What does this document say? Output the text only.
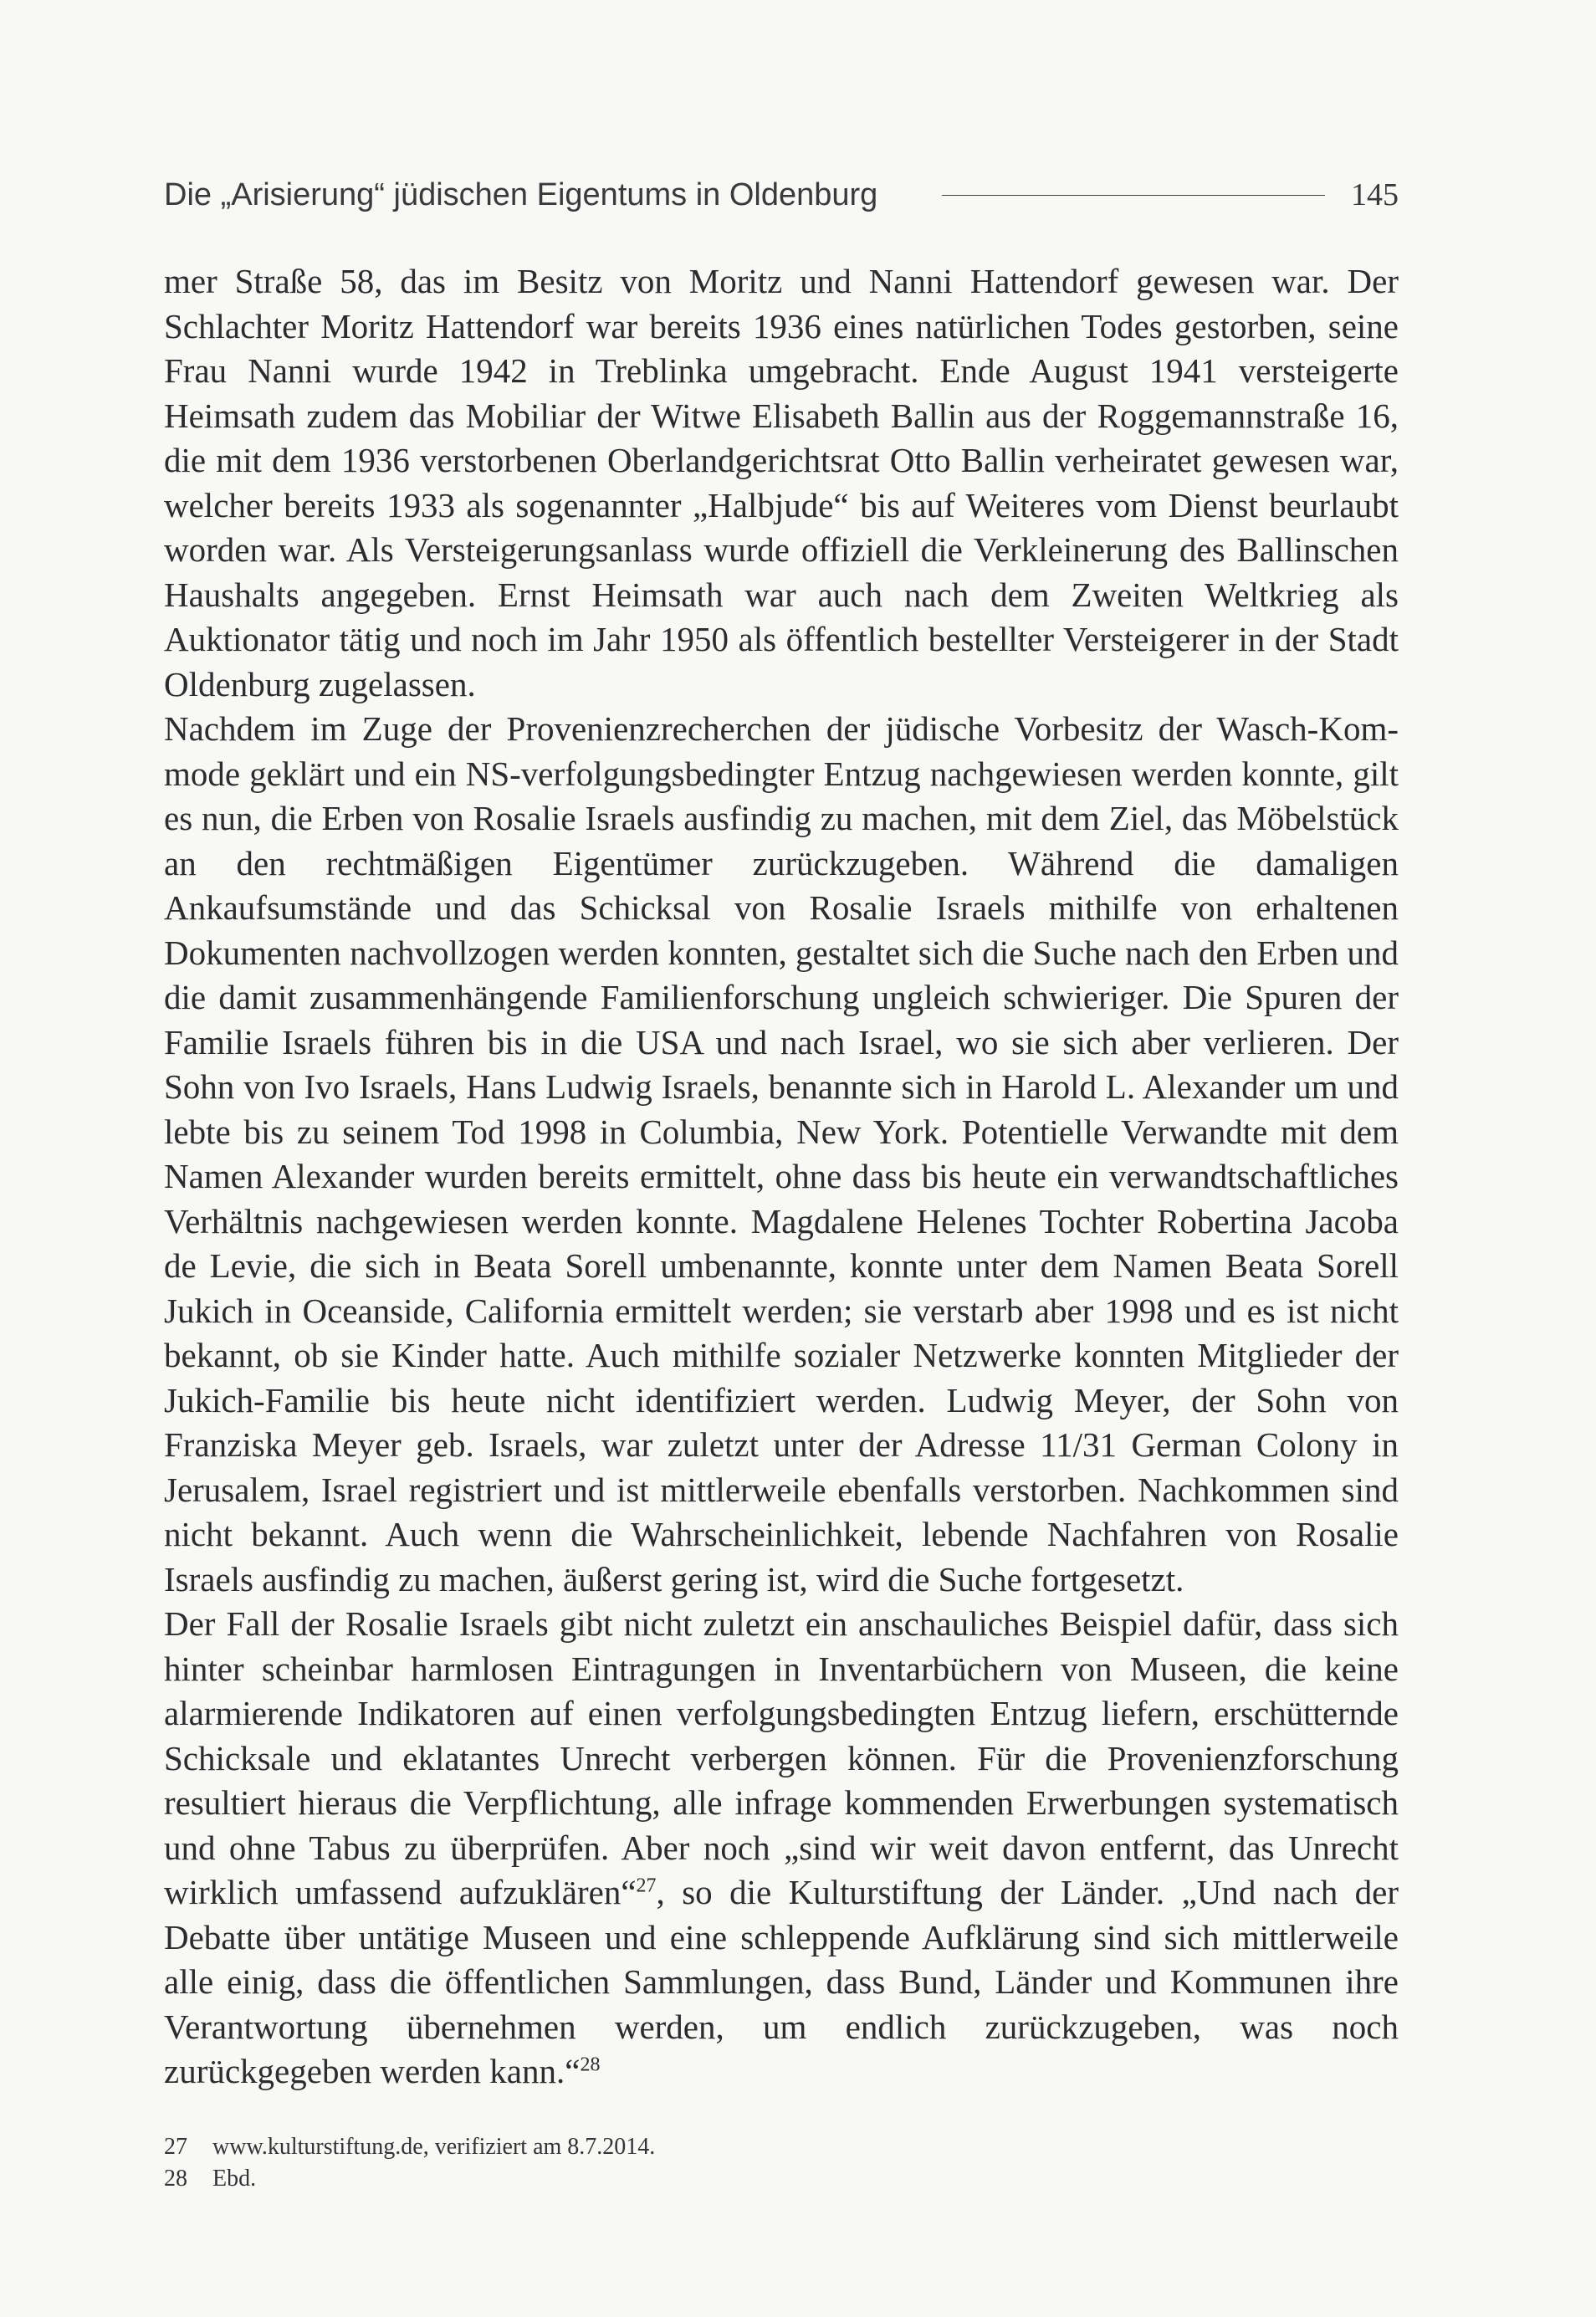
Die „Arisierung“ jüdischen Eigentums in Oldenburg	145

mer Straße 58, das im Besitz von Moritz und Nanni Hattendorf gewesen war. Der Schlachter Moritz Hattendorf war bereits 1936 eines natürlichen Todes gestorben, seine Frau Nanni wurde 1942 in Treblinka umgebracht. Ende August 1941 versteigerte Heimsath zudem das Mobiliar der Witwe Elisabeth Ballin aus der Roggemannstraße 16, die mit dem 1936 verstorbenen Oberlandgerichtsrat Otto Ballin verheiratet gewesen war, welcher bereits 1933 als sogenannter „Halbjude“ bis auf Weiteres vom Dienst beurlaubt worden war. Als Versteigerungsanlass wurde offiziell die Verkleinerung des Ballinschen Haushalts angegeben. Ernst Heimsath war auch nach dem Zweiten Weltkrieg als Auktionator tätig und noch im Jahr 1950 als öffentlich bestellter Versteigerer in der Stadt Oldenburg zugelassen.

Nachdem im Zuge der Provenienzrecherchen der jüdische Vorbesitz der Wasch-Kommode geklärt und ein NS-verfolgungsbedingter Entzug nachgewiesen werden konnte, gilt es nun, die Erben von Rosalie Israels ausfindig zu machen, mit dem Ziel, das Möbelstück an den rechtmäßigen Eigentümer zurückzugeben. Während die damaligen Ankaufsumstände und das Schicksal von Rosalie Israels mithilfe von erhaltenen Dokumenten nachvollzogen werden konnten, gestaltet sich die Suche nach den Erben und die damit zusammenhängende Familienforschung ungleich schwieriger. Die Spuren der Familie Israels führen bis in die USA und nach Israel, wo sie sich aber verlieren. Der Sohn von Ivo Israels, Hans Ludwig Israels, benannte sich in Harold L. Alexander um und lebte bis zu seinem Tod 1998 in Columbia, New York. Potentielle Verwandte mit dem Namen Alexander wurden bereits ermittelt, ohne dass bis heute ein verwandtschaftliches Verhältnis nachgewiesen werden konnte. Magdalene Helenes Tochter Robertina Jacoba de Levie, die sich in Beata Sorell umbenannte, konnte unter dem Namen Beata Sorell Jukich in Oceanside, California ermittelt werden; sie verstarb aber 1998 und es ist nicht bekannt, ob sie Kinder hatte. Auch mithilfe sozialer Netzwerke konnten Mitglieder der Jukich-Familie bis heute nicht identifiziert werden. Ludwig Meyer, der Sohn von Franziska Meyer geb. Israels, war zuletzt unter der Adresse 11/31 German Colony in Jerusalem, Israel registriert und ist mittlerweile ebenfalls verstorben. Nachkommen sind nicht bekannt. Auch wenn die Wahrscheinlichkeit, lebende Nachfahren von Rosalie Israels ausfindig zu machen, äußerst gering ist, wird die Suche fortgesetzt.

Der Fall der Rosalie Israels gibt nicht zuletzt ein anschauliches Beispiel dafür, dass sich hinter scheinbar harmlosen Eintragungen in Inventarbüchern von Museen, die keine alarmierende Indikatoren auf einen verfolgungsbedingten Entzug liefern, erschütternde Schicksale und eklatantes Unrecht verbergen können. Für die Provenienzforschung resultiert hieraus die Verpflichtung, alle infrage kommenden Erwerbungen systematisch und ohne Tabus zu überprüfen. Aber noch „sind wir weit davon entfernt, das Unrecht wirklich umfassend aufzuklären“$^{27}$, so die Kulturstiftung der Länder. „Und nach der Debatte über untätige Museen und eine schleppende Aufklärung sind sich mittlerweile alle einig, dass die öffentlichen Sammlungen, dass Bund, Länder und Kommunen ihre Verantwortung übernehmen werden, um endlich zurückzugeben, was noch zurückgegeben werden kann.“$^{28}$

27	www.kulturstiftung.de, verifiziert am 8.7.2014.
28	Ebd.
